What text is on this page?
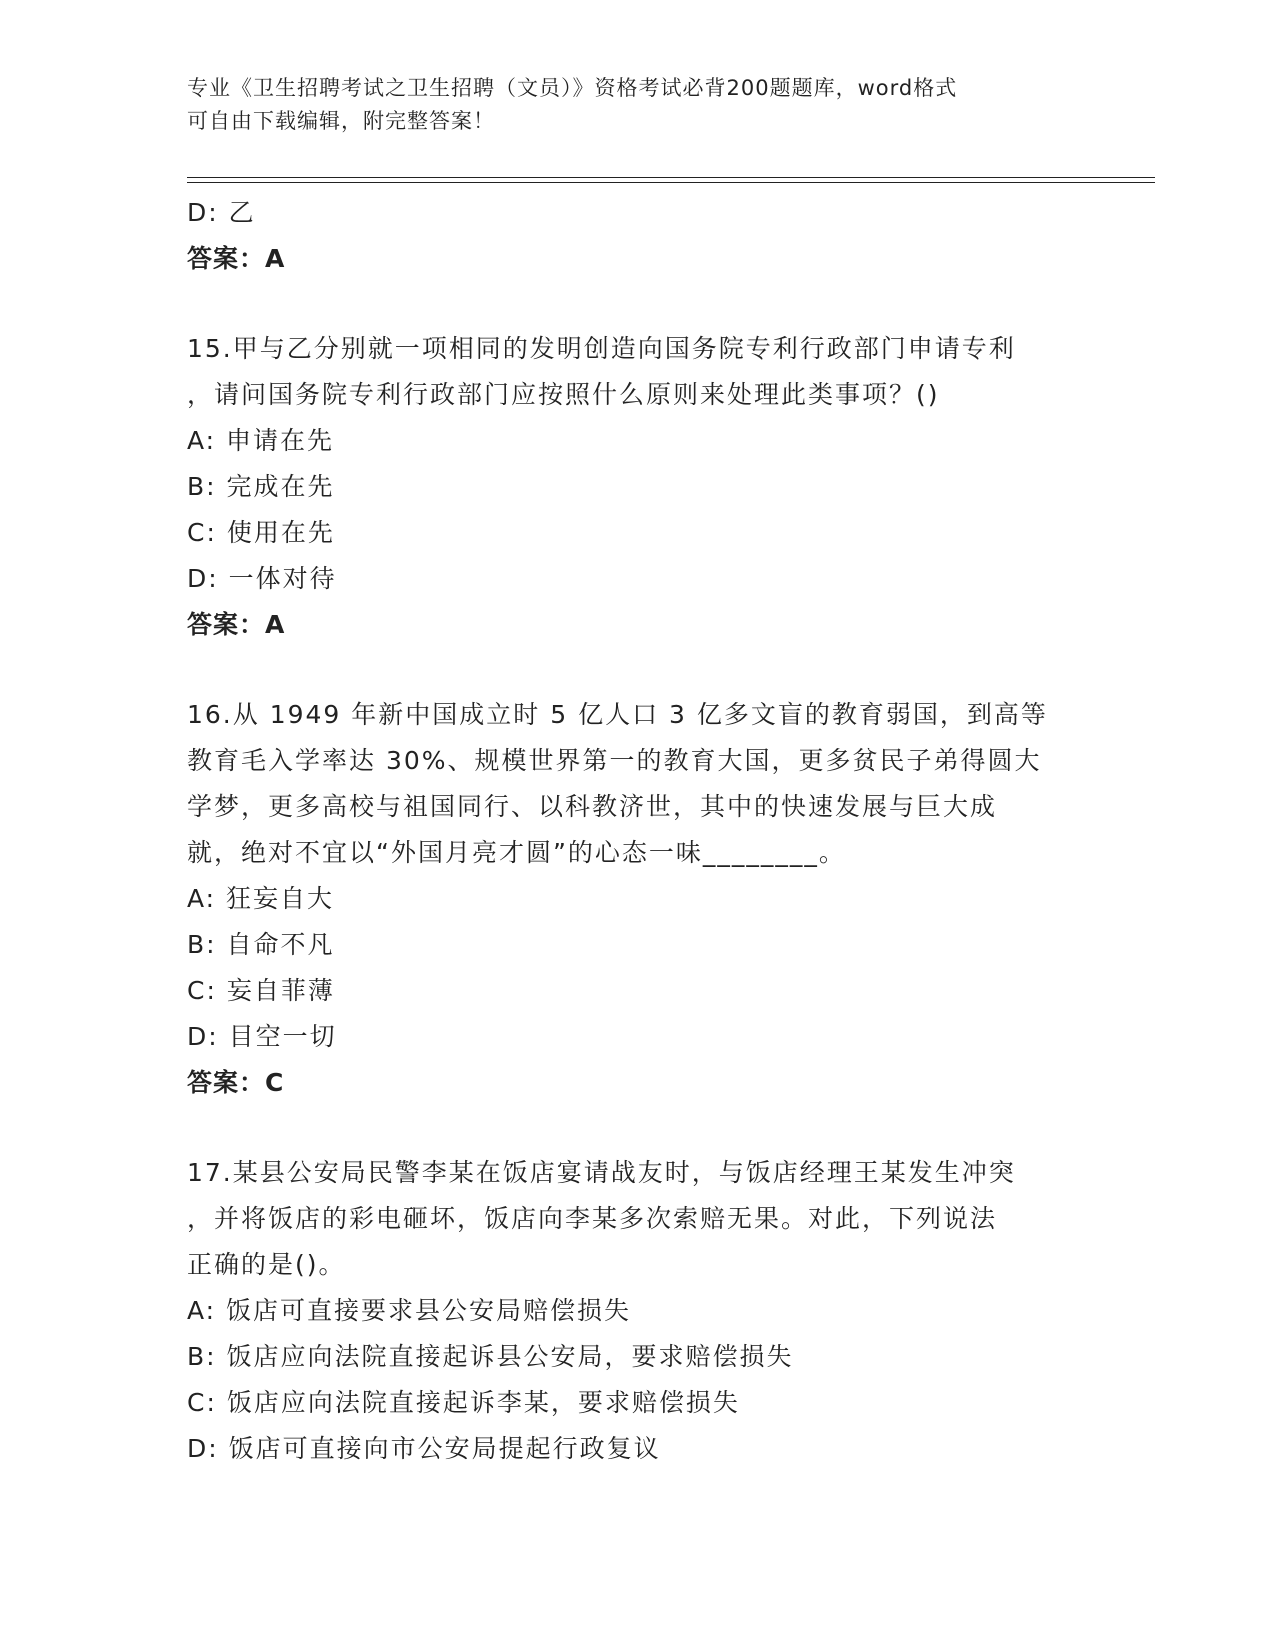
专业《卫生招聘考试之卫生招聘（文员）》资格考试必背200题题库，word格式
可自由下载编辑，附完整答案！
D: 乙
答案：A
15.甲与乙分别就一项相同的发明创造向国务院专利行政部门申请专利
，请问国务院专利行政部门应按照什么原则来处理此类事项？()
A: 申请在先
B: 完成在先
C: 使用在先
D: 一体对待
答案：A
16.从 1949 年新中国成立时 5 亿人口 3 亿多文盲的教育弱国，到高等
教育毛入学率达 30%、规模世界第一的教育大国，更多贫民子弟得圆大
学梦，更多高校与祖国同行、以科教济世，其中的快速发展与巨大成
就，绝对不宜以“外国月亮才圆”的心态一味________。
A: 狂妄自大
B: 自命不凡
C: 妄自菲薄
D: 目空一切
答案：C
17.某县公安局民警李某在饭店宴请战友时，与饭店经理王某发生冲突
，并将饭店的彩电砸坏，饭店向李某多次索赔无果。对此，下列说法
正确的是()。
A: 饭店可直接要求县公安局赔偿损失
B: 饭店应向法院直接起诉县公安局，要求赔偿损失
C: 饭店应向法院直接起诉李某，要求赔偿损失
D: 饭店可直接向市公安局提起行政复议
